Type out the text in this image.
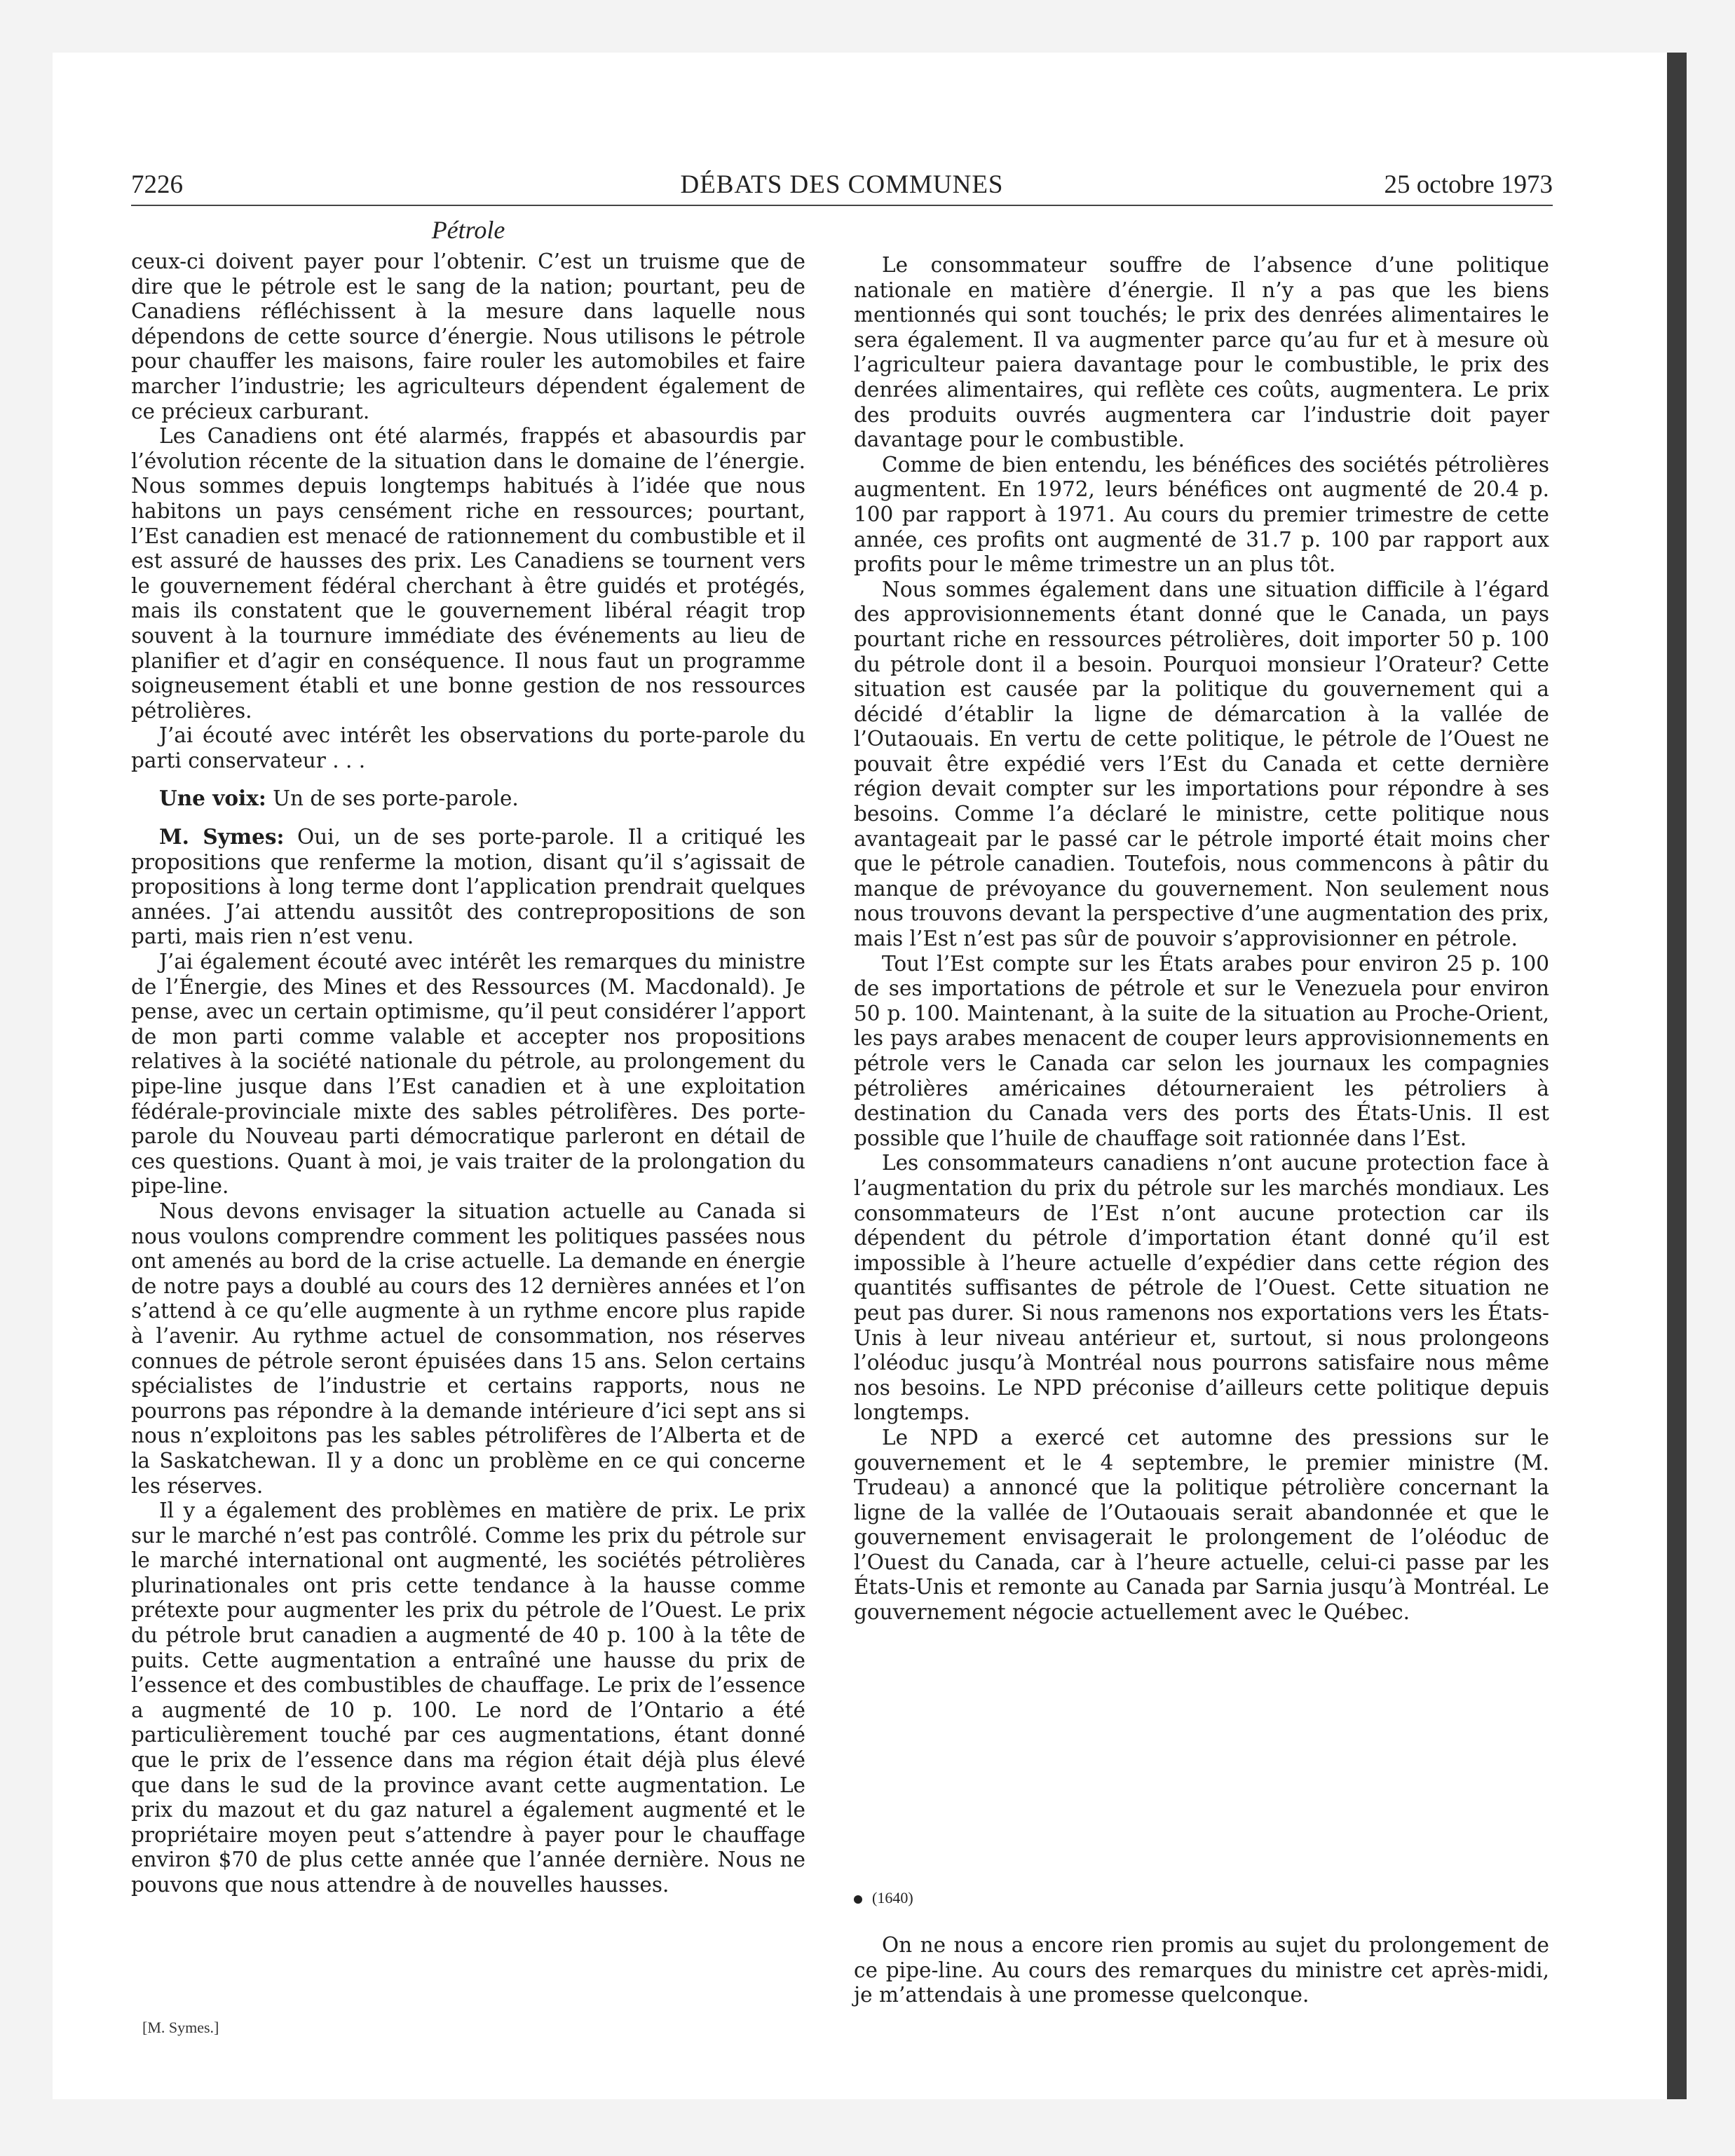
7226	DÉBATS DES COMMUNES	25 octobre 1973
Pétrole

ceux-ci doivent payer pour l’obtenir. C’est un truisme que de dire que le pétrole est le sang de la nation; pourtant, peu de Canadiens réfléchissent à la mesure dans laquelle nous dépendons de cette source d’énergie. Nous utilisons le pétrole pour chauffer les maisons, faire rouler les automobiles et faire marcher l’industrie; les agriculteurs dépendent également de ce précieux carburant.

Les Canadiens ont été alarmés, frappés et abasourdis par l’évolution récente de la situation dans le domaine de l’énergie. Nous sommes depuis longtemps habitués à l’idée que nous habitons un pays censément riche en ressources; pourtant, l’Est canadien est menacé de rationnement du combustible et il est assuré de hausses des prix. Les Canadiens se tournent vers le gouvernement fédéral cherchant à être guidés et protégés, mais ils constatent que le gouvernement libéral réagit trop souvent à la tournure immédiate des événements au lieu de planifier et d’agir en conséquence. Il nous faut un programme soigneusement établi et une bonne gestion de nos ressources pétrolières.

J’ai écouté avec intérêt les observations du porte-parole du parti conservateur . . .

Une voix: Un de ses porte-parole.

M. Symes: Oui, un de ses porte-parole. Il a critiqué les propositions que renferme la motion, disant qu’il s’agissait de propositions à long terme dont l’application prendrait quelques années. J’ai attendu aussitôt des contrepropositions de son parti, mais rien n’est venu.

J’ai également écouté avec intérêt les remarques du ministre de l’Énergie, des Mines et des Ressources (M. Macdonald). Je pense, avec un certain optimisme, qu’il peut considérer l’apport de mon parti comme valable et accepter nos propositions relatives à la société nationale du pétrole, au prolongement du pipe-line jusque dans l’Est canadien et à une exploitation fédérale-provinciale mixte des sables pétrolifères. Des porte-parole du Nouveau parti démocratique parleront en détail de ces questions. Quant à moi, je vais traiter de la prolongation du pipe-line.

Nous devons envisager la situation actuelle au Canada si nous voulons comprendre comment les politiques passées nous ont amenés au bord de la crise actuelle. La demande en énergie de notre pays a doublé au cours des 12 dernières années et l’on s’attend à ce qu’elle augmente à un rythme encore plus rapide à l’avenir. Au rythme actuel de consommation, nos réserves connues de pétrole seront épuisées dans 15 ans. Selon certains spécialistes de l’industrie et certains rapports, nous ne pourrons pas répondre à la demande intérieure d’ici sept ans si nous n’exploitons pas les sables pétrolifères de l’Alberta et de la Saskatchewan. Il y a donc un problème en ce qui concerne les réserves.

Il y a également des problèmes en matière de prix. Le prix sur le marché n’est pas contrôlé. Comme les prix du pétrole sur le marché international ont augmenté, les sociétés pétrolières plurinationales ont pris cette tendance à la hausse comme prétexte pour augmenter les prix du pétrole de l’Ouest. Le prix du pétrole brut canadien a augmenté de 40 p. 100 à la tête de puits. Cette augmentation a entraîné une hausse du prix de l’essence et des combustibles de chauffage. Le prix de l’essence a augmenté de 10 p. 100. Le nord de l’Ontario a été particulièrement touché par ces augmentations, étant donné que le prix de l’essence dans ma région était déjà plus élevé que dans le sud de la province avant cette augmentation. Le prix du mazout et du gaz naturel a également augmenté et le propriétaire moyen peut s’attendre à payer pour le chauffage environ $70 de plus cette année que l’année dernière. Nous ne pouvons que nous attendre à de nouvelles hausses.

[M. Symes.]

Le consommateur souffre de l’absence d’une politique nationale en matière d’énergie. Il n’y a pas que les biens mentionnés qui sont touchés; le prix des denrées alimentaires le sera également. Il va augmenter parce qu’au fur et à mesure où l’agriculteur paiera davantage pour le combustible, le prix des denrées alimentaires, qui reflète ces coûts, augmentera. Le prix des produits ouvrés augmentera car l’industrie doit payer davantage pour le combustible.

Comme de bien entendu, les bénéfices des sociétés pétrolières augmentent. En 1972, leurs bénéfices ont augmenté de 20.4 p. 100 par rapport à 1971. Au cours du premier trimestre de cette année, ces profits ont augmenté de 31.7 p. 100 par rapport aux profits pour le même trimestre un an plus tôt.

Nous sommes également dans une situation difficile à l’égard des approvisionnements étant donné que le Canada, un pays pourtant riche en ressources pétrolières, doit importer 50 p. 100 du pétrole dont il a besoin. Pourquoi monsieur l’Orateur? Cette situation est causée par la politique du gouvernement qui a décidé d’établir la ligne de démarcation à la vallée de l’Outaouais. En vertu de cette politique, le pétrole de l’Ouest ne pouvait être expédié vers l’Est du Canada et cette dernière région devait compter sur les importations pour répondre à ses besoins. Comme l’a déclaré le ministre, cette politique nous avantageait par le passé car le pétrole importé était moins cher que le pétrole canadien. Toutefois, nous commencons à pâtir du manque de prévoyance du gouvernement. Non seulement nous nous trouvons devant la perspective d’une augmentation des prix, mais l’Est n’est pas sûr de pouvoir s’approvisionner en pétrole.

Tout l’Est compte sur les États arabes pour environ 25 p. 100 de ses importations de pétrole et sur le Venezuela pour environ 50 p. 100. Maintenant, à la suite de la situation au Proche-Orient, les pays arabes menacent de couper leurs approvisionnements en pétrole vers le Canada car selon les journaux les compagnies pétrolières américaines détourneraient les pétroliers à destination du Canada vers des ports des États-Unis. Il est possible que l’huile de chauffage soit rationnée dans l’Est.

Les consommateurs canadiens n’ont aucune protection face à l’augmentation du prix du pétrole sur les marchés mondiaux. Les consommateurs de l’Est n’ont aucune protection car ils dépendent du pétrole d’importation étant donné qu’il est impossible à l’heure actuelle d’expédier dans cette région des quantités suffisantes de pétrole de l’Ouest. Cette situation ne peut pas durer. Si nous ramenons nos exportations vers les États-Unis à leur niveau antérieur et, surtout, si nous prolongeons l’oléoduc jusqu’à Montréal nous pourrons satisfaire nous même nos besoins. Le NPD préconise d’ailleurs cette politique depuis longtemps.

Le NPD a exercé cet automne des pressions sur le gouvernement et le 4 septembre, le premier ministre (M. Trudeau) a annoncé que la politique pétrolière concernant la ligne de la vallée de l’Outaouais serait abandonnée et que le gouvernement envisagerait le prolongement de l’oléoduc de l’Ouest du Canada, car à l’heure actuelle, celui-ci passe par les États-Unis et remonte au Canada par Sarnia jusqu’à Montréal. Le gouvernement négocie actuellement avec le Québec.

(1640)

On ne nous a encore rien promis au sujet du prolongement de ce pipe-line. Au cours des remarques du ministre cet après-midi, je m’attendais à une promesse quelconque.
